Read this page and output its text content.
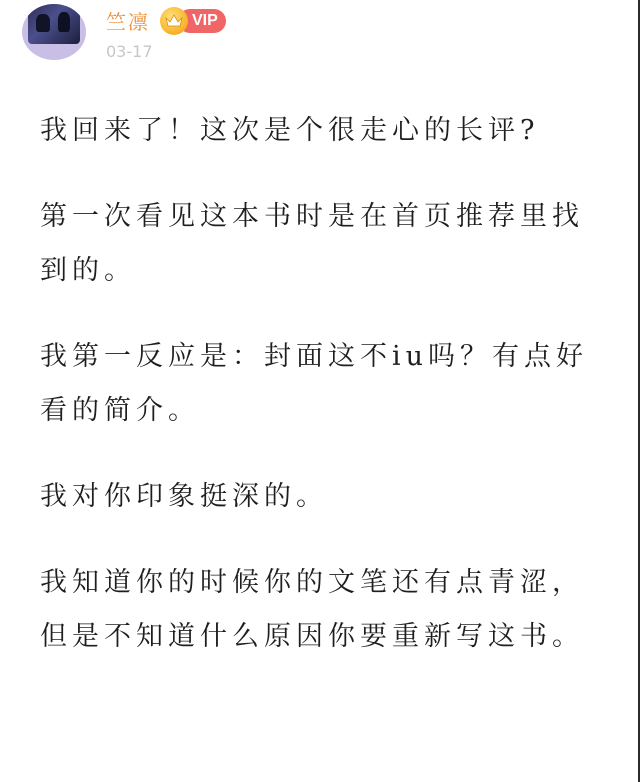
竺凛	VIP
03-17

我回来了！这次是个很走心的长评?

第一次看见这本书时是在首页推荐里找到的。

我第一反应是：封面这不iu吗？有点好看的简介。

我对你印象挺深的。

我知道你的时候你的文笔还有点青涩，但是不知道什么原因你要重新写这书。
